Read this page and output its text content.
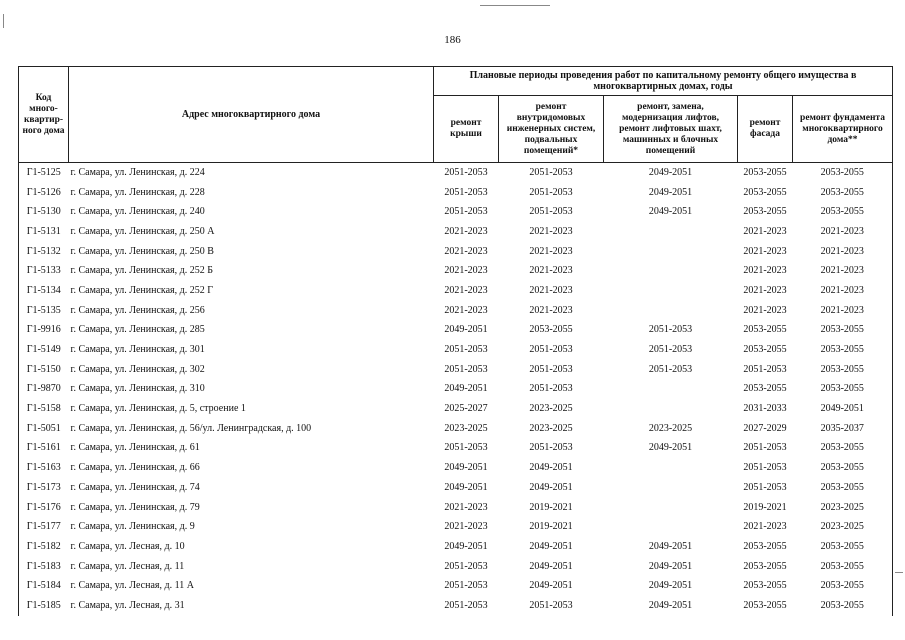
186
Код много-квартир-ного дома	Адрес многоквартирного дома	Плановые периоды проведения работ по капитальному ремонту общего имущества в многоквартирных домах, годы				
		ремонт крыши	ремонт внутридомовых инженерных систем, подвальных помещений*	ремонт, замена, модернизация лифтов, ремонт лифтовых шахт, машинных и блочных помещений	ремонт фасада	ремонт фундамента многоквартирного дома**
Г1-5125	г. Самара, ул. Ленинская, д. 224	2051-2053	2051-2053	2049-2051	2053-2055	2053-2055
Г1-5126	г. Самара, ул. Ленинская, д. 228	2051-2053	2051-2053	2049-2051	2053-2055	2053-2055
Г1-5130	г. Самара, ул. Ленинская, д. 240	2051-2053	2051-2053	2049-2051	2053-2055	2053-2055
Г1-5131	г. Самара, ул. Ленинская, д. 250 А	2021-2023	2021-2023		2021-2023	2021-2023
Г1-5132	г. Самара, ул. Ленинская, д. 250 В	2021-2023	2021-2023		2021-2023	2021-2023
Г1-5133	г. Самара, ул. Ленинская, д. 252 Б	2021-2023	2021-2023		2021-2023	2021-2023
Г1-5134	г. Самара, ул. Ленинская, д. 252 Г	2021-2023	2021-2023		2021-2023	2021-2023
Г1-5135	г. Самара, ул. Ленинская, д. 256	2021-2023	2021-2023		2021-2023	2021-2023
Г1-9916	г. Самара, ул. Ленинская, д. 285	2049-2051	2053-2055	2051-2053	2053-2055	2053-2055
Г1-5149	г. Самара, ул. Ленинская, д. 301	2051-2053	2051-2053	2051-2053	2053-2055	2053-2055
Г1-5150	г. Самара, ул. Ленинская, д. 302	2051-2053	2051-2053	2051-2053	2051-2053	2053-2055
Г1-9870	г. Самара, ул. Ленинская, д. 310	2049-2051	2051-2053		2053-2055	2053-2055
Г1-5158	г. Самара, ул. Ленинская, д. 5, строение 1	2025-2027	2023-2025		2031-2033	2049-2051
Г1-5051	г. Самара, ул. Ленинская, д. 56/ул. Ленинградская, д. 100	2023-2025	2023-2025	2023-2025	2027-2029	2035-2037
Г1-5161	г. Самара, ул. Ленинская, д. 61	2051-2053	2051-2053	2049-2051	2051-2053	2053-2055
Г1-5163	г. Самара, ул. Ленинская, д. 66	2049-2051	2049-2051		2051-2053	2053-2055
Г1-5173	г. Самара, ул. Ленинская, д. 74	2049-2051	2049-2051		2051-2053	2053-2055
Г1-5176	г. Самара, ул. Ленинская, д. 79	2021-2023	2019-2021		2019-2021	2023-2025
Г1-5177	г. Самара, ул. Ленинская, д. 9	2021-2023	2019-2021		2021-2023	2023-2025
Г1-5182	г. Самара, ул. Лесная, д. 10	2049-2051	2049-2051	2049-2051	2053-2055	2053-2055
Г1-5183	г. Самара, ул. Лесная, д. 11	2051-2053	2049-2051	2049-2051	2053-2055	2053-2055
Г1-5184	г. Самара, ул. Лесная, д. 11 А	2051-2053	2049-2051	2049-2051	2053-2055	2053-2055
Г1-5185	г. Самара, ул. Лесная, д. 31	2051-2053	2051-2053	2049-2051	2053-2055	2053-2055
